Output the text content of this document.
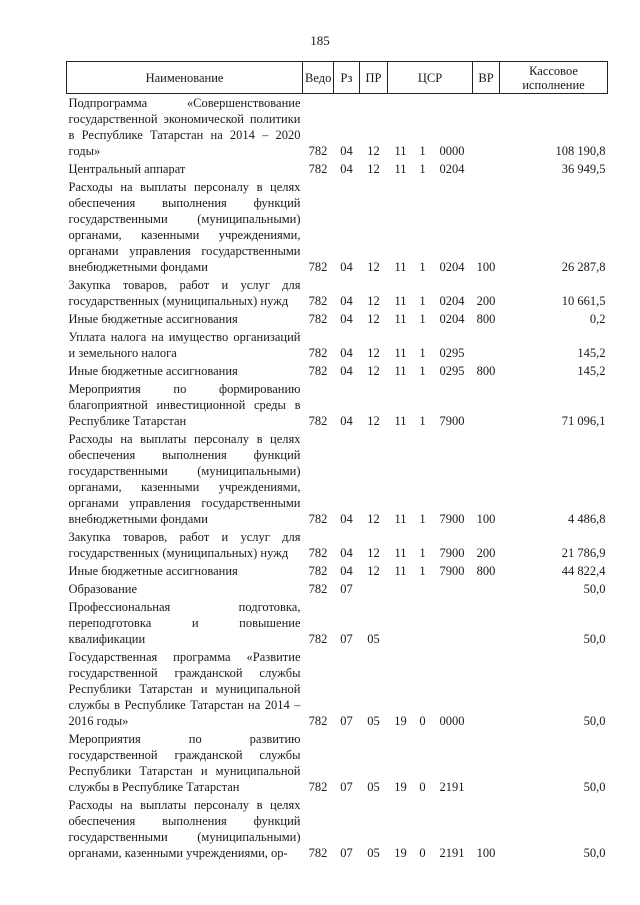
185
Наименование	Ведо	Рз	ПР	ЦСР			ВР	Кассовое исполнение
Подпрограмма «Совершенствование государственной экономической политики в Республике Татарстан на 2014 – 2020 годы»	782	04	12	11	1	0000		108 190,8
Центральный аппарат	782	04	12	11	1	0204		36 949,5
Расходы на выплаты персоналу в целях обеспечения выполнения функций государственными (муниципальными) органами, казенными учреждениями, органами управления государственными внебюджетными фондами	782	04	12	11	1	0204	100	26 287,8
Закупка товаров, работ и услуг для государственных (муниципальных) нужд	782	04	12	11	1	0204	200	10 661,5
Иные бюджетные ассигнования	782	04	12	11	1	0204	800	0,2
Уплата налога на имущество организаций и земельного налога	782	04	12	11	1	0295		145,2
Иные бюджетные ассигнования	782	04	12	11	1	0295	800	145,2
Мероприятия по формированию благоприятной инвестиционной среды в Республике Татарстан	782	04	12	11	1	7900		71 096,1
Расходы на выплаты персоналу в целях обеспечения выполнения функций государственными (муниципальными) органами, казенными учреждениями, органами управления государственными внебюджетными фондами	782	04	12	11	1	7900	100	4 486,8
Закупка товаров, работ и услуг для государственных (муниципальных) нужд	782	04	12	11	1	7900	200	21 786,9
Иные бюджетные ассигнования	782	04	12	11	1	7900	800	44 822,4
Образование	782	07						50,0
Профессиональная подготовка, переподготовка и повышение квалификации	782	07	05					50,0
Государственная программа «Развитие государственной гражданской службы Республики Татарстан и муниципальной службы в Республике Татарстан на 2014 – 2016 годы»	782	07	05	19	0	0000		50,0
Мероприятия по развитию государственной гражданской службы Республики Татарстан и муниципальной службы в Республике Татарстан	782	07	05	19	0	2191		50,0
Расходы на выплаты персоналу в целях обеспечения выполнения функций государственными (муниципальными) органами, казенными учреждениями, ор-	782	07	05	19	0	2191	100	50,0
